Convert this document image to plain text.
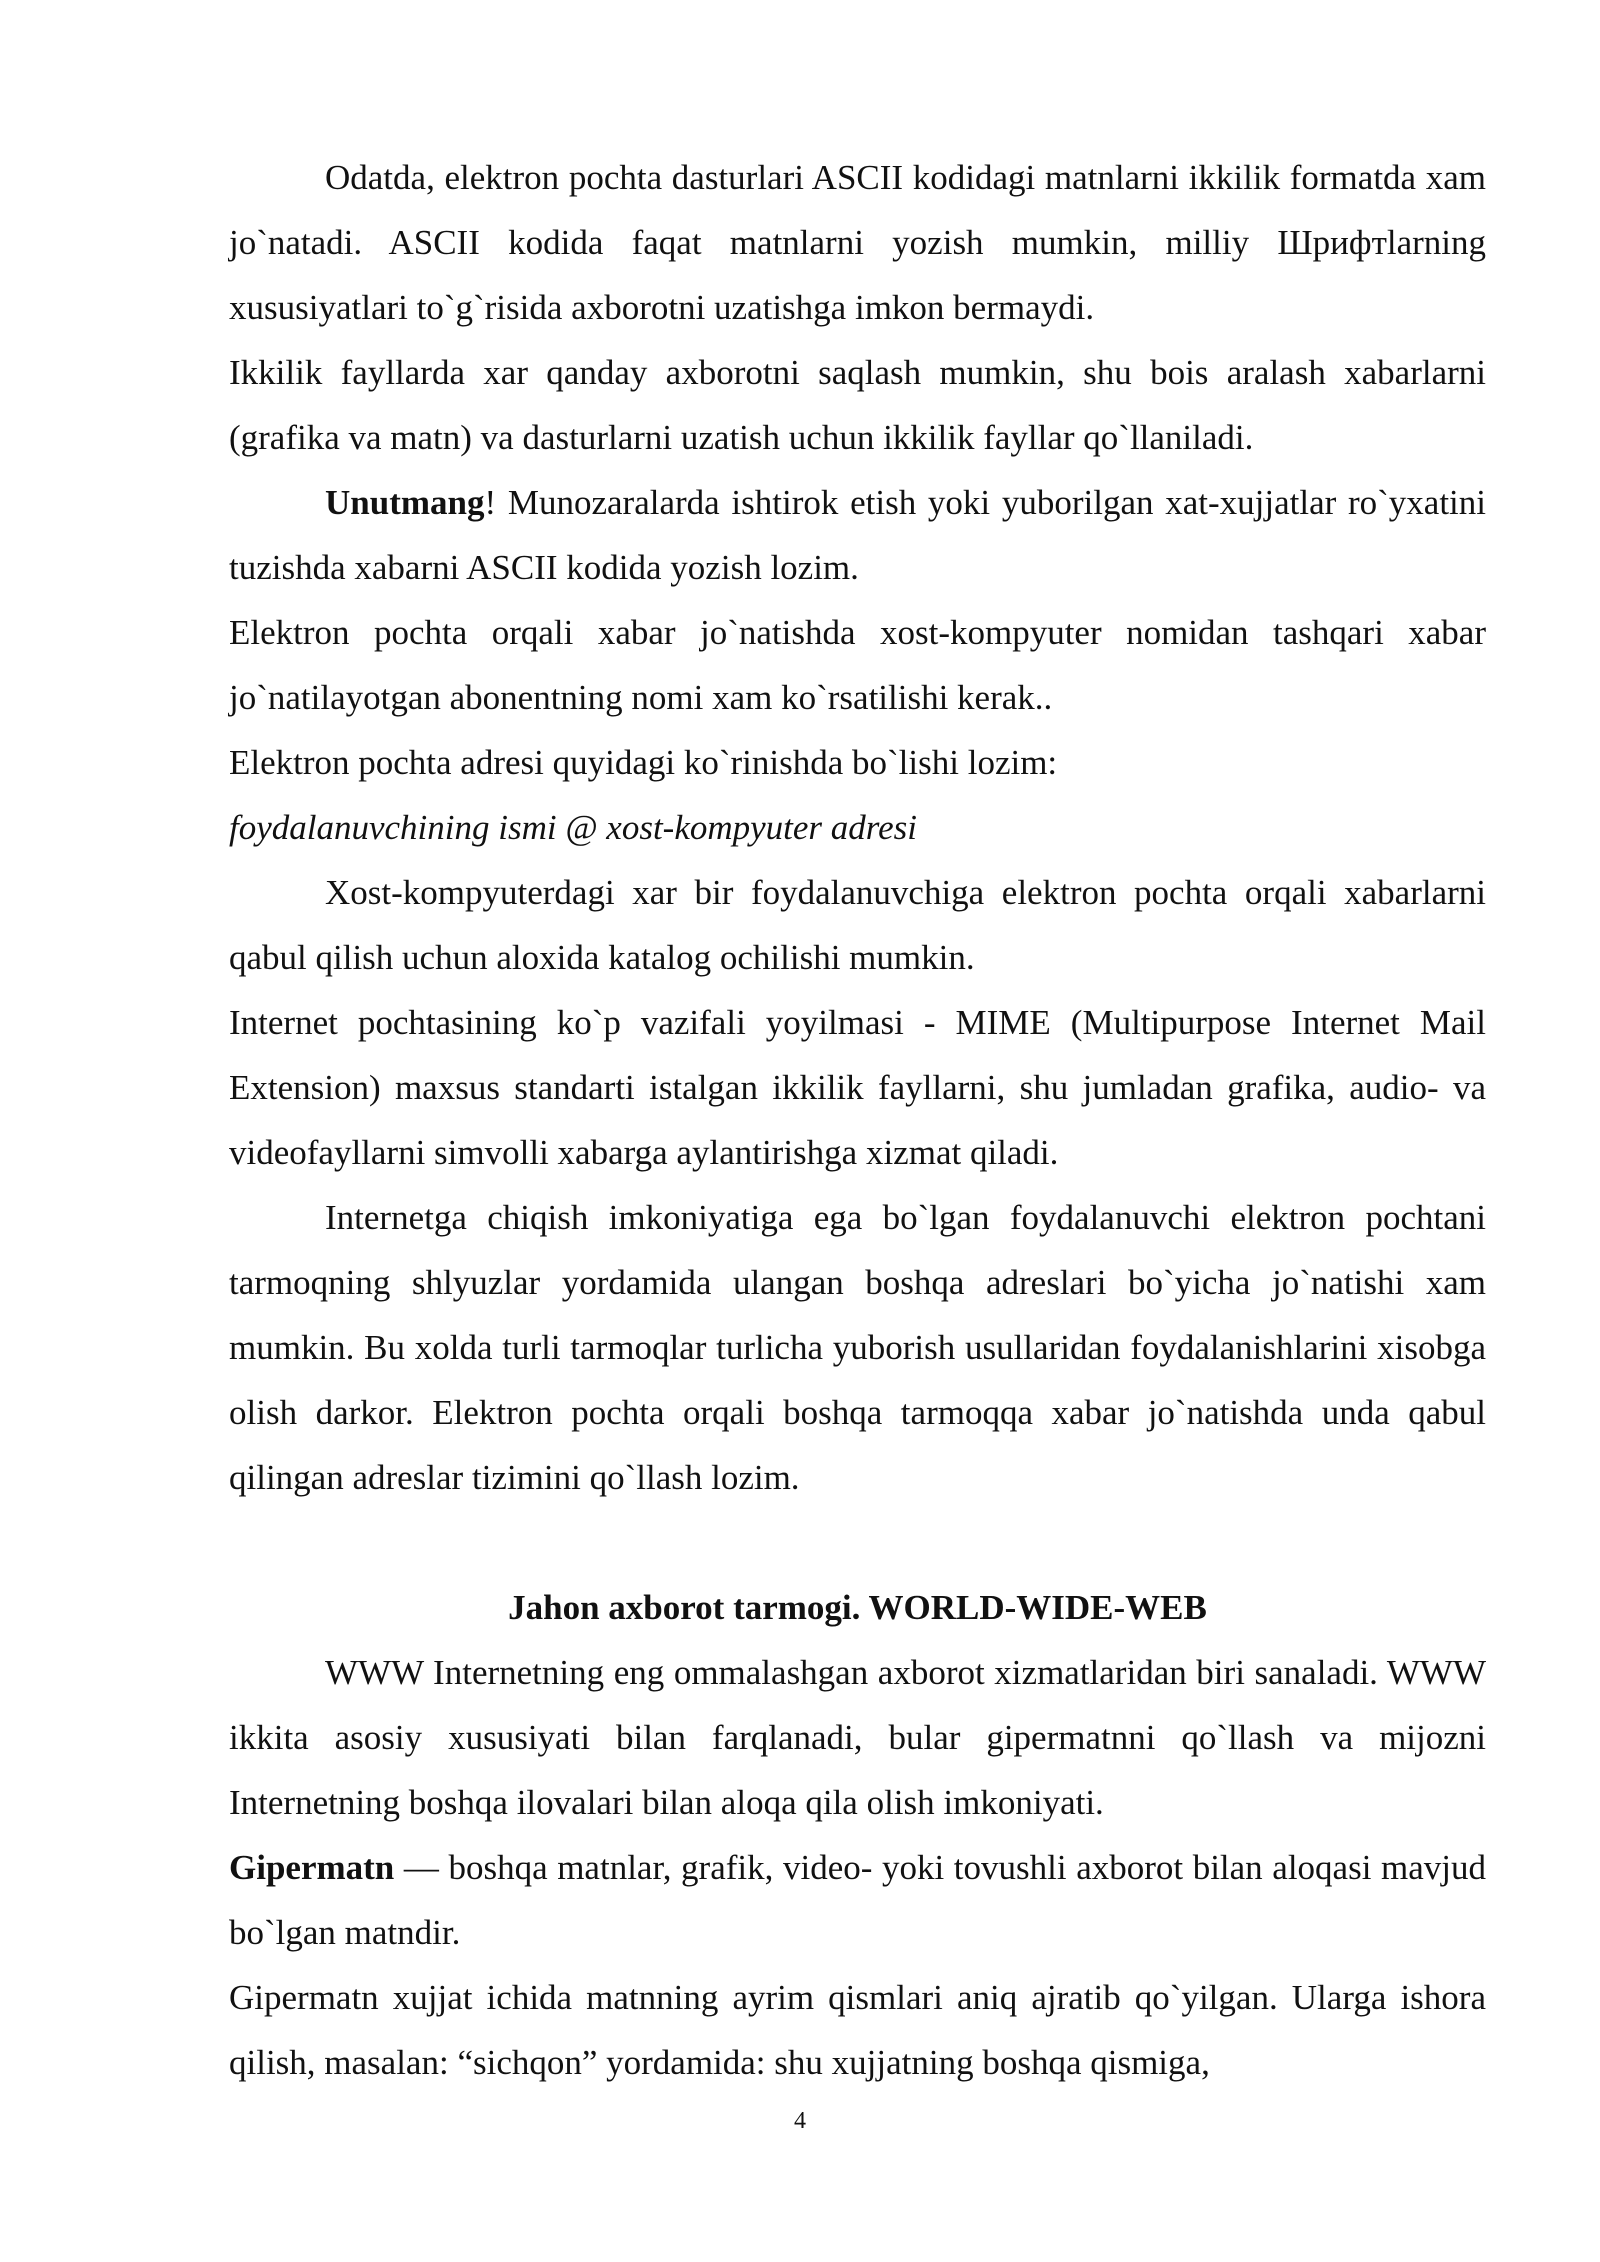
Odatda, elektron pochta dasturlari ASCII kodidagi matnlarni ikkilik formatda xam jo`natadi. ASCII kodida faqat matnlarni yozish mumkin, milliy Шрифтlarning xususiyatlari to`g`risida axborotni uzatishga imkon bermaydi.

Ikkilik fayllarda xar qanday axborotni saqlash mumkin, shu bois aralash xabarlarni (grafika va matn) va dasturlarni uzatish uchun ikkilik fayllar qo`llaniladi.

Unutmang! Munozaralarda ishtirok etish yoki yuborilgan xat-xujjatlar ro`yxatini tuzishda xabarni ASCII kodida yozish lozim.

Elektron pochta orqali xabar jo`natishda xost-kompyuter nomidan tashqari xabar jo`natilayotgan abonentning nomi xam ko`rsatilishi kerak..

Elektron pochta adresi quyidagi ko`rinishda bo`lishi lozim:

foydalanuvchining ismi @ xost-kompyuter adresi

Xost-kompyuterdagi xar bir foydalanuvchiga elektron pochta orqali xabarlarni qabul qilish uchun aloxida katalog ochilishi mumkin.

Internet pochtasining ko`p vazifali yoyilmasi - MIME (Multipurpose Internet Mail Extension) maxsus standarti istalgan ikkilik fayllarni, shu jumladan grafika, audio- va videofayllarni simvolli xabarga aylantirishga xizmat qiladi.

Internetga chiqish imkoniyatiga ega bo`lgan foydalanuvchi elektron pochtani tarmoqning shlyuzlar yordamida ulangan boshqa adreslari bo`yicha jo`natishi xam mumkin. Bu xolda turli tarmoqlar turlicha yuborish usullaridan foydalanishlarini xisobga olish darkor. Elektron pochta orqali boshqa tarmoqqa xabar jo`natishda unda qabul qilingan adreslar tizimini qo`llash lozim.

Jahon axborot tarmogi. WORLD-WIDE-WEB

WWW Internetning eng ommalashgan axborot xizmatlaridan biri sanaladi. WWW ikkita asosiy xususiyati bilan farqlanadi, bular gipermatnni qo`llash va mijozni Internetning boshqa ilovalari bilan aloqa qila olish imkoniyati.

Gipermatn — boshqa matnlar, grafik, video- yoki tovushli axborot bilan aloqasi mavjud bo`lgan matndir.

Gipermatn xujjat ichida matnning ayrim qismlari aniq ajratib qo`yilgan. Ularga ishora qilish, masalan: “sichqon” yordamida: shu xujjatning boshqa qismiga,

4
